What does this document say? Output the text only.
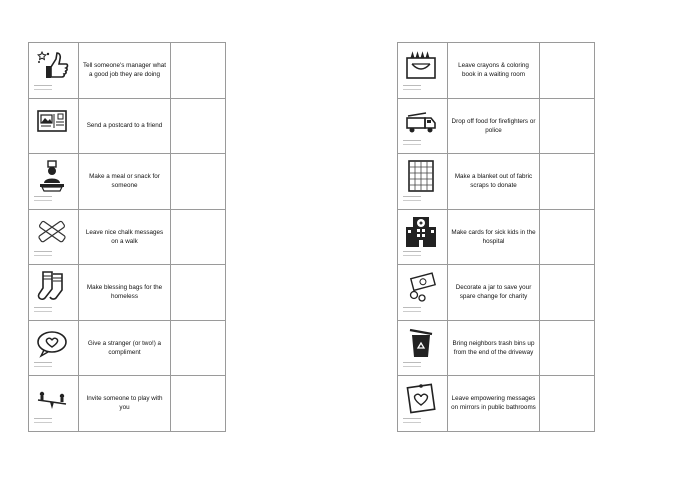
Tell someone's manager what a good job they are doing
Send a postcard to a friend
Make a meal or snack for someone
Leave nice chalk messages on a walk
Make blessing bags for the homeless
Give a stranger (or two!) a compliment
Invite someone to play with you
Leave crayons & coloring book in a waiting room
Drop off food for firefighters or police
Make a blanket out of fabric scraps to donate
Make cards for sick kids in the hospital
Decorate a jar to save your spare change for charity
Bring neighbors trash bins up from the end of the driveway
Leave empowering messages on mirrors in public bathrooms
